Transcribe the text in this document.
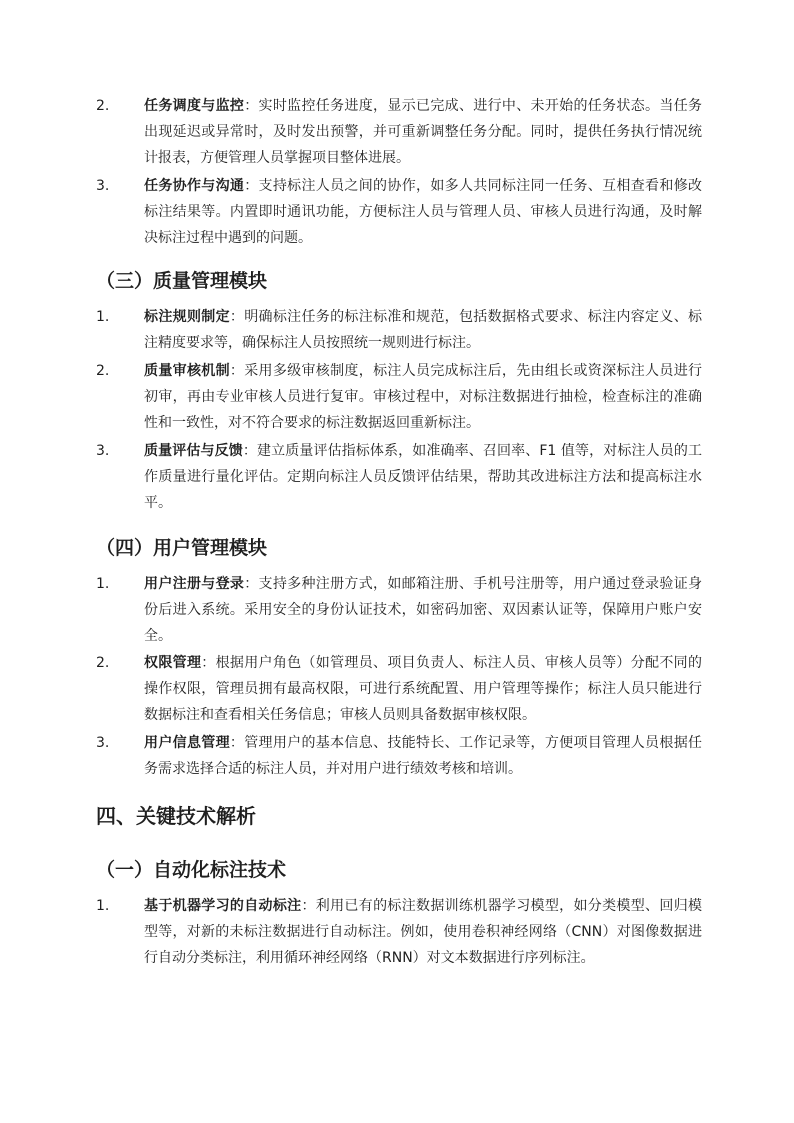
2.	任务调度与监控：实时监控任务进度，显示已完成、进行中、未开始的任务状态。当任务出现延迟或异常时，及时发出预警，并可重新调整任务分配。同时，提供任务执行情况统计报表，方便管理人员掌握项目整体进展。
3.	任务协作与沟通：支持标注人员之间的协作，如多人共同标注同一任务、互相查看和修改标注结果等。内置即时通讯功能，方便标注人员与管理人员、审核人员进行沟通，及时解决标注过程中遇到的问题。
（三）质量管理模块
1.	标注规则制定：明确标注任务的标注标准和规范，包括数据格式要求、标注内容定义、标注精度要求等，确保标注人员按照统一规则进行标注。
2.	质量审核机制：采用多级审核制度，标注人员完成标注后，先由组长或资深标注人员进行初审，再由专业审核人员进行复审。审核过程中，对标注数据进行抽检，检查标注的准确性和一致性，对不符合要求的标注数据返回重新标注。
3.	质量评估与反馈：建立质量评估指标体系，如准确率、召回率、F1 值等，对标注人员的工作质量进行量化评估。定期向标注人员反馈评估结果，帮助其改进标注方法和提高标注水平。
（四）用户管理模块
1.	用户注册与登录：支持多种注册方式，如邮箱注册、手机号注册等，用户通过登录验证身份后进入系统。采用安全的身份认证技术，如密码加密、双因素认证等，保障用户账户安全。
2.	权限管理：根据用户角色（如管理员、项目负责人、标注人员、审核人员等）分配不同的操作权限，管理员拥有最高权限，可进行系统配置、用户管理等操作；标注人员只能进行数据标注和查看相关任务信息；审核人员则具备数据审核权限。
3.	用户信息管理：管理用户的基本信息、技能特长、工作记录等，方便项目管理人员根据任务需求选择合适的标注人员，并对用户进行绩效考核和培训。
四、关键技术解析
（一）自动化标注技术
1.	基于机器学习的自动标注：利用已有的标注数据训练机器学习模型，如分类模型、回归模型等，对新的未标注数据进行自动标注。例如，使用卷积神经网络（CNN）对图像数据进行自动分类标注，利用循环神经网络（RNN）对文本数据进行序列标注。
